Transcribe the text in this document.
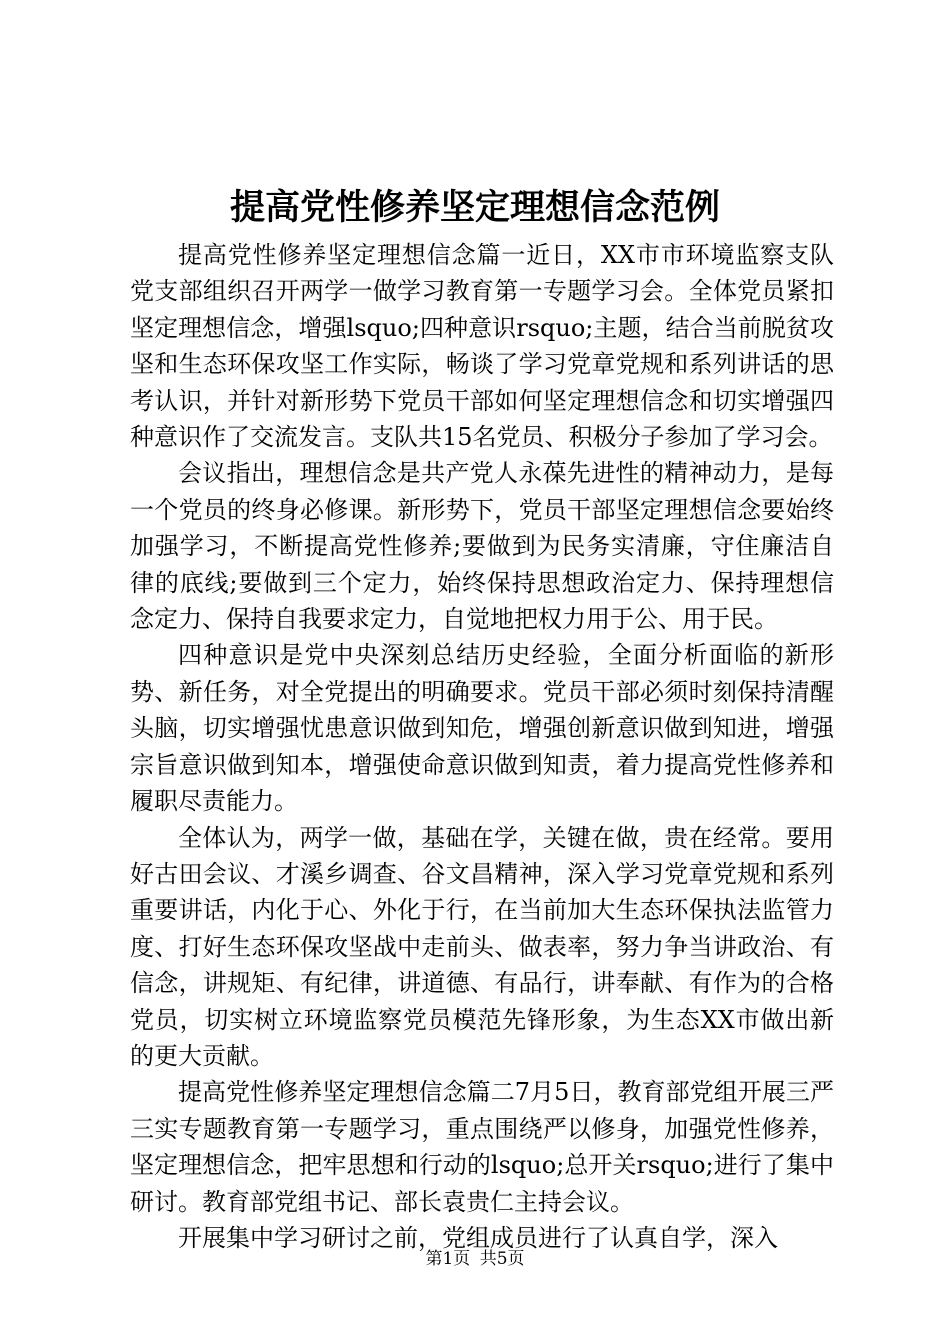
提高党性修养坚定理想信念范例

提高党性修养坚定理想信念篇一近日，XX市市环境监察支队党支部组织召开两学一做学习教育第一专题学习会。全体党员紧扣坚定理想信念，增强lsquo;四种意识rsquo;主题，结合当前脱贫攻坚和生态环保攻坚工作实际，畅谈了学习党章党规和系列讲话的思考认识，并针对新形势下党员干部如何坚定理想信念和切实增强四种意识作了交流发言。支队共15名党员、积极分子参加了学习会。

会议指出，理想信念是共产党人永葆先进性的精神动力，是每一个党员的终身必修课。新形势下，党员干部坚定理想信念要始终加强学习，不断提高党性修养;要做到为民务实清廉，守住廉洁自律的底线;要做到三个定力，始终保持思想政治定力、保持理想信念定力、保持自我要求定力，自觉地把权力用于公、用于民。

四种意识是党中央深刻总结历史经验，全面分析面临的新形势、新任务，对全党提出的明确要求。党员干部必须时刻保持清醒头脑，切实增强忧患意识做到知危，增强创新意识做到知进，增强宗旨意识做到知本，增强使命意识做到知责，着力提高党性修养和履职尽责能力。

全体认为，两学一做，基础在学，关键在做，贵在经常。要用好古田会议、才溪乡调查、谷文昌精神，深入学习党章党规和系列重要讲话，内化于心、外化于行，在当前加大生态环保执法监管力度、打好生态环保攻坚战中走前头、做表率，努力争当讲政治、有信念，讲规矩、有纪律，讲道德、有品行，讲奉献、有作为的合格党员，切实树立环境监察党员模范先锋形象，为生态XX市做出新的更大贡献。

提高党性修养坚定理想信念篇二7月5日，教育部党组开展三严三实专题教育第一专题学习，重点围绕严以修身，加强党性修养，坚定理想信念，把牢思想和行动的lsquo;总开关rsquo;进行了集中研讨。教育部党组书记、部长袁贵仁主持会议。

开展集中学习研讨之前，党组成员进行了认真自学，深入

第1页 共5页
